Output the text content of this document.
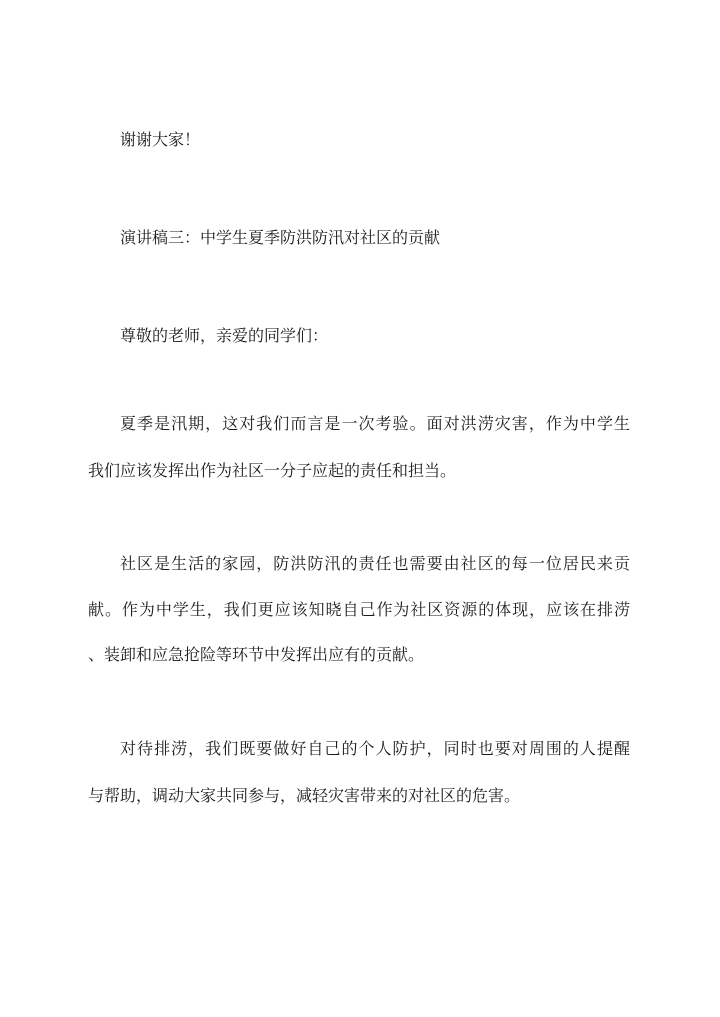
谢谢大家！
演讲稿三：中学生夏季防洪防汛对社区的贡献
尊敬的老师，亲爱的同学们：
夏季是汛期，这对我们而言是一次考验。面对洪涝灾害，作为中学生
我们应该发挥出作为社区一分子应起的责任和担当。
社区是生活的家园，防洪防汛的责任也需要由社区的每一位居民来贡
献。作为中学生，我们更应该知晓自己作为社区资源的体现，应该在排涝
、装卸和应急抢险等环节中发挥出应有的贡献。
对待排涝，我们既要做好自己的个人防护，同时也要对周围的人提醒
与帮助，调动大家共同参与，减轻灾害带来的对社区的危害。
